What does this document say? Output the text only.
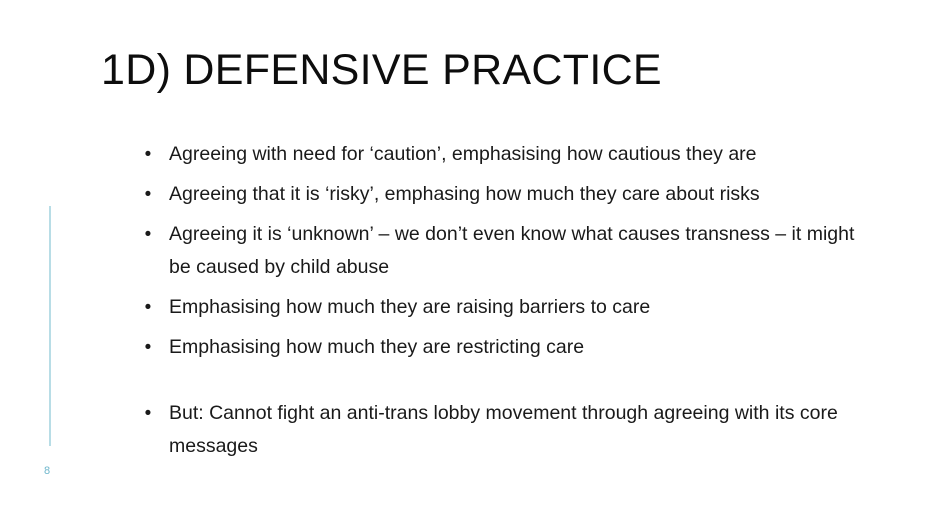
1D) DEFENSIVE PRACTICE
• Agreeing with need for ‘caution’, emphasising how cautious they are
• Agreeing that it is ‘risky’, emphasing how much they care about risks
• Agreeing it is ‘unknown’ – we don’t even know what causes transness – it might be caused by child abuse
• Emphasising how much they are raising barriers to care
• Emphasising how much they are restricting care
• But: Cannot fight an anti-trans lobby movement through agreeing with its core messages
8
